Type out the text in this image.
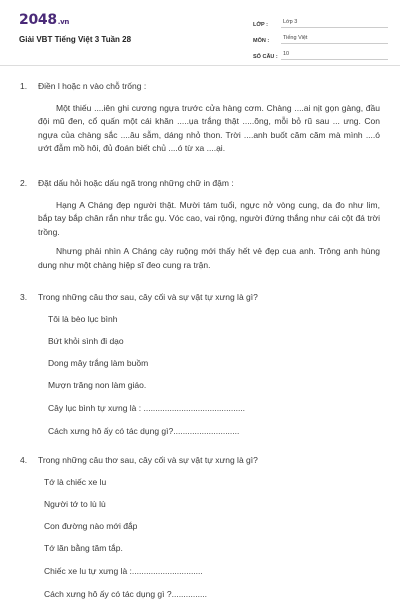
2048.vn
Giải VBT Tiếng Việt 3 Tuần 28
LỚP :	Lớp 3
MÔN :	Tiếng Việt
SỐ CÂU : 10
1.	Điền l hoặc n vào chỗ trống :

Một thiếu ....iên ghi cương ngựa trước cửa hàng cơm. Chàng ....ai nịt gọn gàng, đầu đội mũ đen, cổ quấn một cái khăn .....ụa trắng thật .....õng, mỗi bỏ rũ sau ... ưng. Con ngựa của chàng sắc ....âu sẫm, dáng nhỏ thon. Trời ....anh buốt căm căm mà mình ....ó ướt đẫm mồ hôi, đủ đoán biết chủ ....ó từ xa ....ại.

2.	Đặt dấu hỏi hoặc dấu ngã trong những chữ in đậm :

Hạng A Cháng đẹp người thật. Mười tám tuổi, ngực nở vòng cung, da đo như lim, bắp tay bắp chân rắn như trắc gụ. Vóc cao, vai rộng, người đứng thắng như cái cột đá trời trồng.

Nhưng phải nhìn A Cháng cày ruộng mới thấy hết vẻ đẹp cua anh. Trông anh hùng dung như một chàng hiệp sĩ đeo cung ra trận.

3.	Trong những câu thơ sau, cây cối và sự vật tự xưng là gì?
Tôi là bèo lục bình
Bứt khỏi sình đi dạo
Dong mây trắng làm buồm
Mượn trăng non làm giáo.
Cây lục bình tự xưng là : ...........................................
Cách xưng hô ấy có tác dụng gì?............................
4.	Trong những câu thơ sau, cây cối và sự vật tự xưng là gì?
Tớ là chiếc xe lu
Người tớ to lù lù
Con đường nào mới đắp
Tớ lăn bằng tăm tắp.
Chiếc xe lu tự xưng là :..............................
Cách xưng hô ấy có tác dụng gì ?...............
